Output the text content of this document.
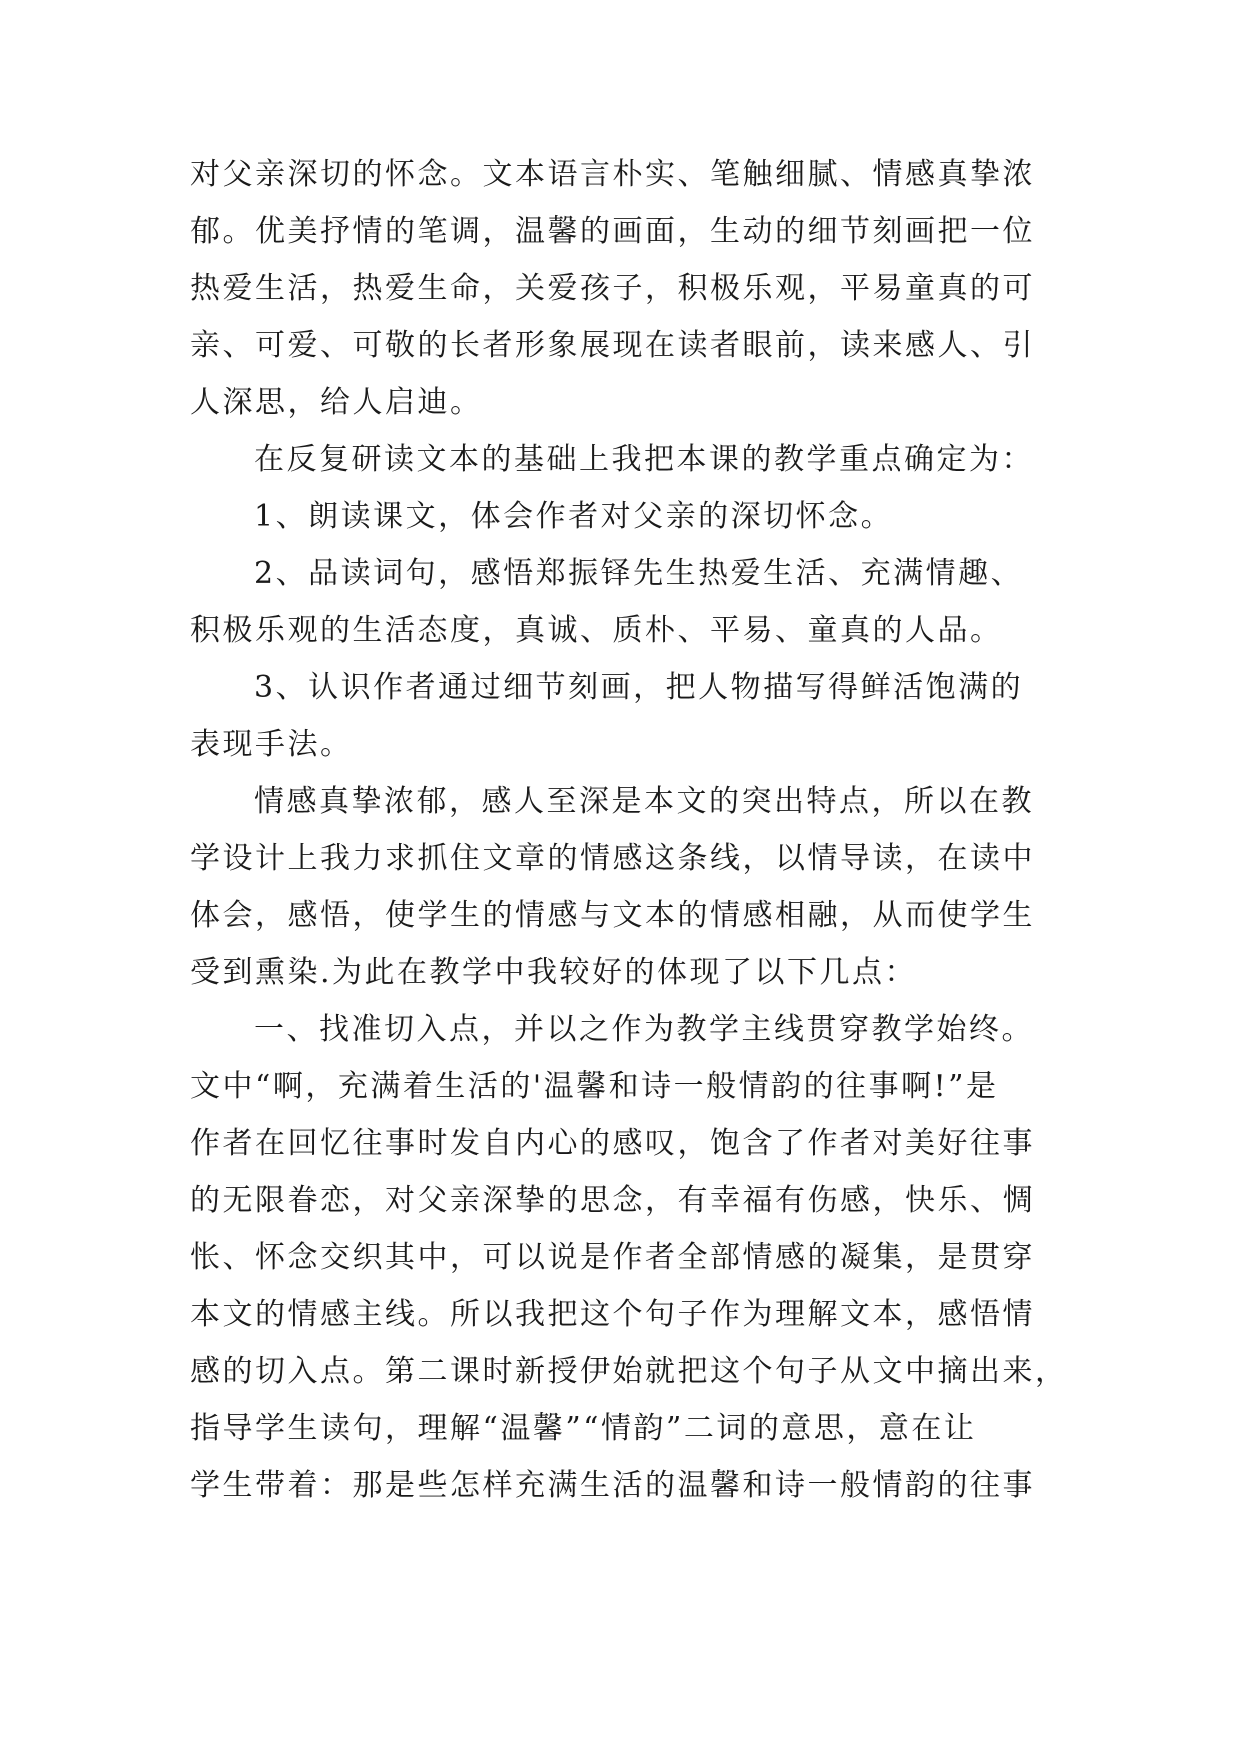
对父亲深切的怀念。文本语言朴实、笔触细腻、情感真挚浓
郁。优美抒情的笔调，温馨的画面，生动的细节刻画把一位
热爱生活，热爱生命，关爱孩子，积极乐观，平易童真的可
亲、可爱、可敬的长者形象展现在读者眼前，读来感人、引
人深思，给人启迪。
在反复研读文本的基础上我把本课的教学重点确定为：
1、朗读课文，体会作者对父亲的深切怀念。
2、品读词句，感悟郑振铎先生热爱生活、充满情趣、
积极乐观的生活态度，真诚、质朴、平易、童真的人品。
3、认识作者通过细节刻画，把人物描写得鲜活饱满的
表现手法。
情感真挚浓郁，感人至深是本文的突出特点，所以在教
学设计上我力求抓住文章的情感这条线，以情导读，在读中
体会，感悟，使学生的情感与文本的情感相融，从而使学生
受到熏染.为此在教学中我较好的体现了以下几点：
一、找准切入点，并以之作为教学主线贯穿教学始终。
文中“啊，充满着生活的'温馨和诗一般情韵的往事啊!”是
作者在回忆往事时发自内心的感叹，饱含了作者对美好往事
的无限眷恋，对父亲深挚的思念，有幸福有伤感，快乐、惆
怅、怀念交织其中，可以说是作者全部情感的凝集，是贯穿
本文的情感主线。所以我把这个句子作为理解文本，感悟情
感的切入点。第二课时新授伊始就把这个句子从文中摘出来，
指导学生读句，理解“温馨”“情韵”二词的意思，意在让
学生带着：那是些怎样充满生活的温馨和诗一般情韵的往事
